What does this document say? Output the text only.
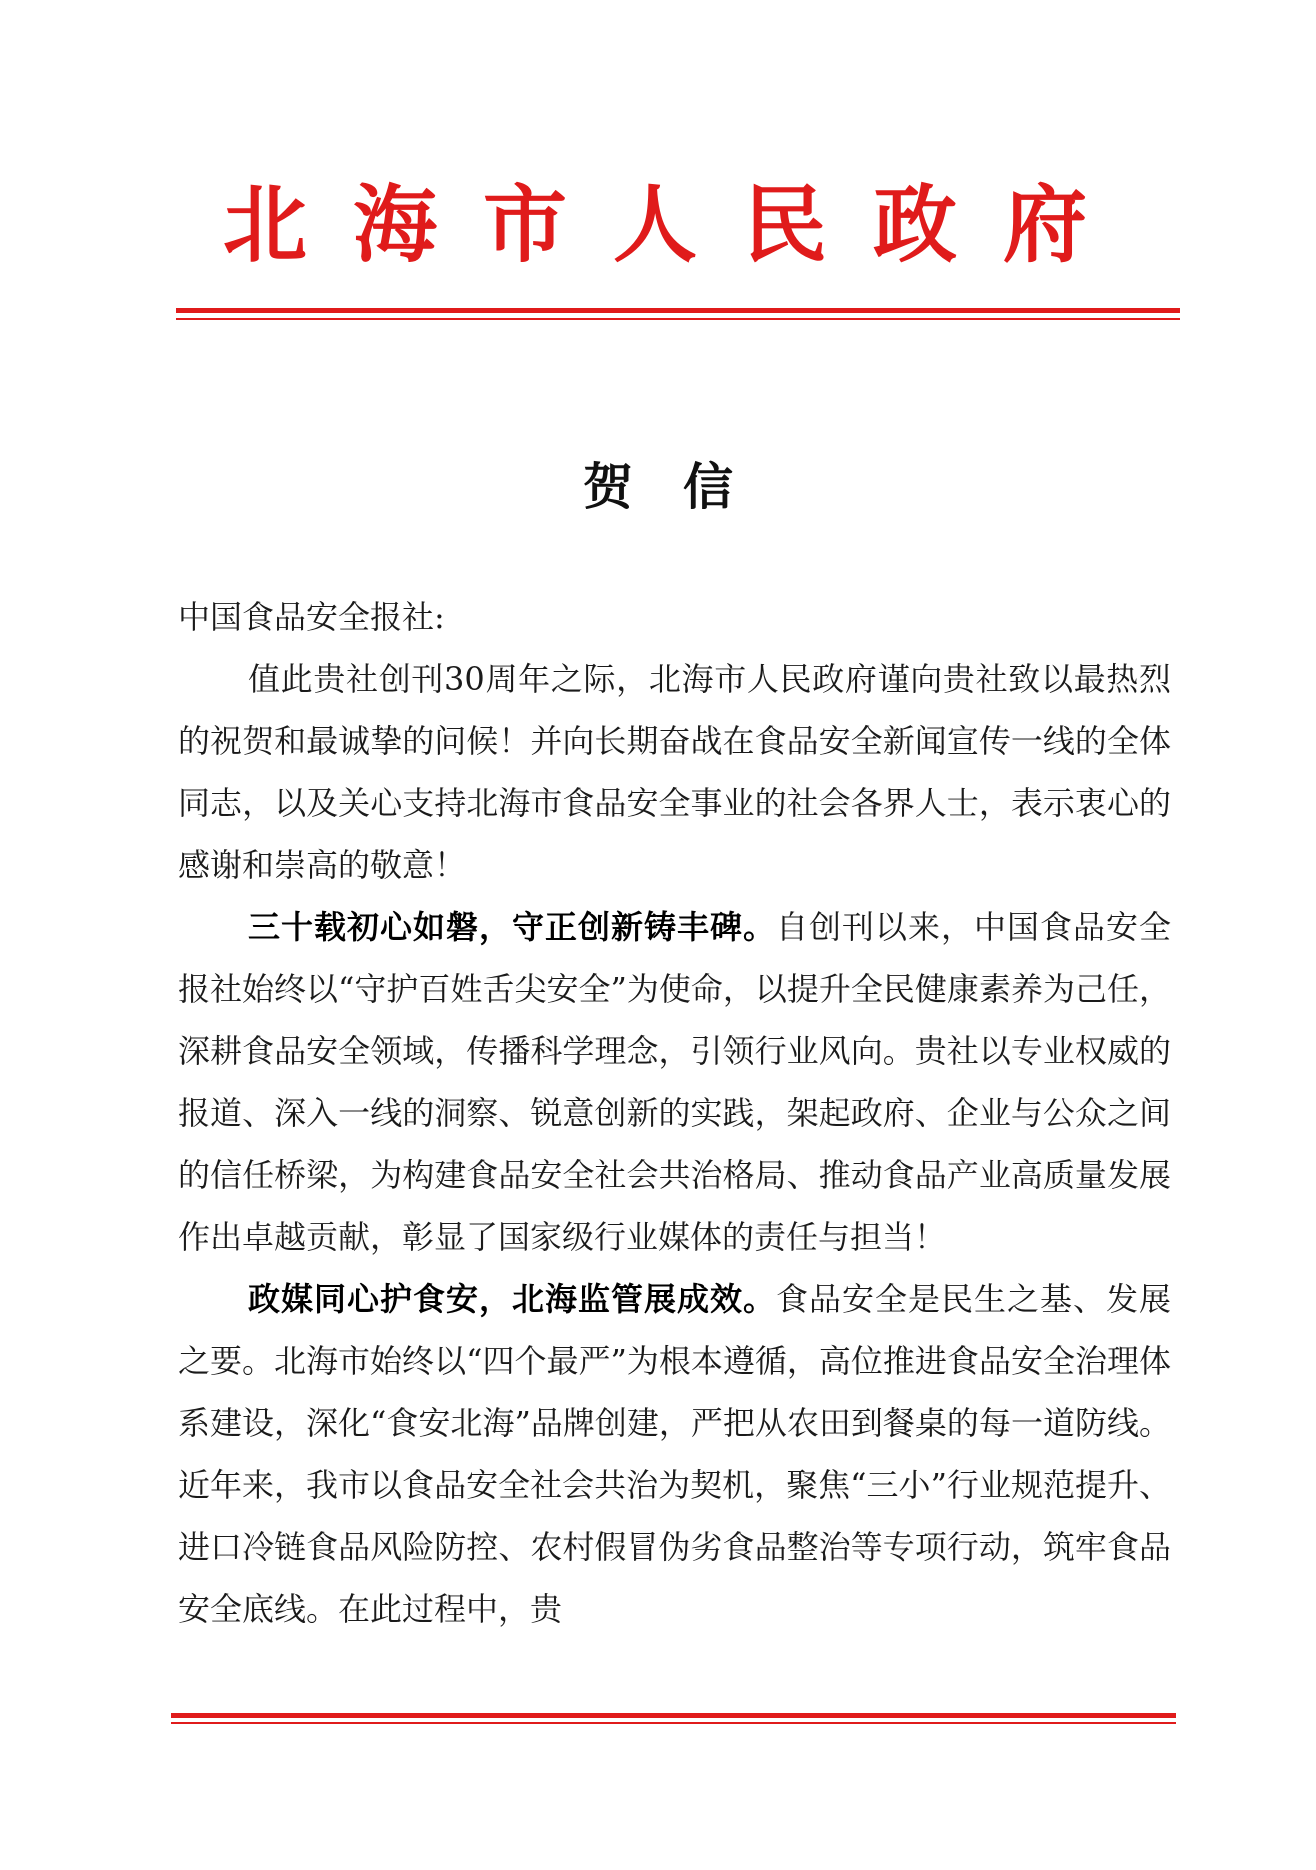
北海市人民政府
贺信

中国食品安全报社:

值此贵社创刊30周年之际，北海市人民政府谨向贵社致以最热烈的祝贺和最诚挚的问候！并向长期奋战在食品安全新闻宣传一线的全体同志，以及关心支持北海市食品安全事业的社会各界人士，表示衷心的感谢和崇高的敬意！

三十载初心如磐，守正创新铸丰碑。自创刊以来，中国食品安全报社始终以“守护百姓舌尖安全”为使命，以提升全民健康素养为己任，深耕食品安全领域，传播科学理念，引领行业风向。贵社以专业权威的报道、深入一线的洞察、锐意创新的实践，架起政府、企业与公众之间的信任桥梁，为构建食品安全社会共治格局、推动食品产业高质量发展作出卓越贡献，彰显了国家级行业媒体的责任与担当！

政媒同心护食安，北海监管展成效。食品安全是民生之基、发展之要。北海市始终以“四个最严”为根本遵循，高位推进食品安全治理体系建设，深化“食安北海”品牌创建，严把从农田到餐桌的每一道防线。近年来，我市以食品安全社会共治为契机，聚焦“三小”行业规范提升、进口冷链食品风险防控、农村假冒伪劣食品整治等专项行动，筑牢食品安全底线。在此过程中，贵
